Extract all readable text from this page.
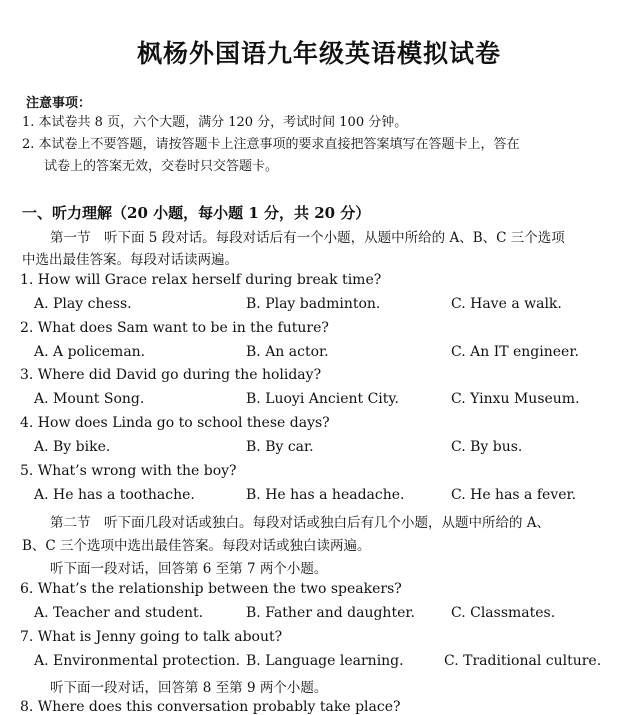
枫杨外国语九年级英语模拟试卷
注意事项：
1. 本试卷共 8 页，六个大题，满分 120 分，考试时间 100 分钟。
2. 本试卷上不要答题，请按答题卡上注意事项的要求直接把答案填写在答题卡上，答在
试卷上的答案无效，交卷时只交答题卡。
一、听力理解（20 小题，每小题 1 分，共 20 分）
第一节　听下面 5 段对话。每段对话后有一个小题，从题中所给的 A、B、C 三个选项
中选出最佳答案。每段对话读两遍。
1. How will Grace relax herself during break time?
A. Play chess.	B. Play badminton.	C. Have a walk.
2. What does Sam want to be in the future?
A. A policeman.	B. An actor.	C. An IT engineer.
3. Where did David go during the holiday?
A. Mount Song.	B. Luoyi Ancient City.	C. Yinxu Museum.
4. How does Linda go to school these days?
A. By bike.	B. By car.	C. By bus.
5. What’s wrong with the boy?
A. He has a toothache.	B. He has a headache.	C. He has a fever.
第二节　听下面几段对话或独白。每段对话或独白后有几个小题，从题中所给的 A、
B、C 三个选项中选出最佳答案。每段对话或独白读两遍。
听下面一段对话，回答第 6 至第 7 两个小题。
6. What’s the relationship between the two speakers?
A. Teacher and student.	B. Father and daughter.	C. Classmates.
7. What is Jenny going to talk about?
A. Environmental protection. B. Language learning.	C. Traditional culture.
听下面一段对话，回答第 8 至第 9 两个小题。
8. Where does this conversation probably take place?
